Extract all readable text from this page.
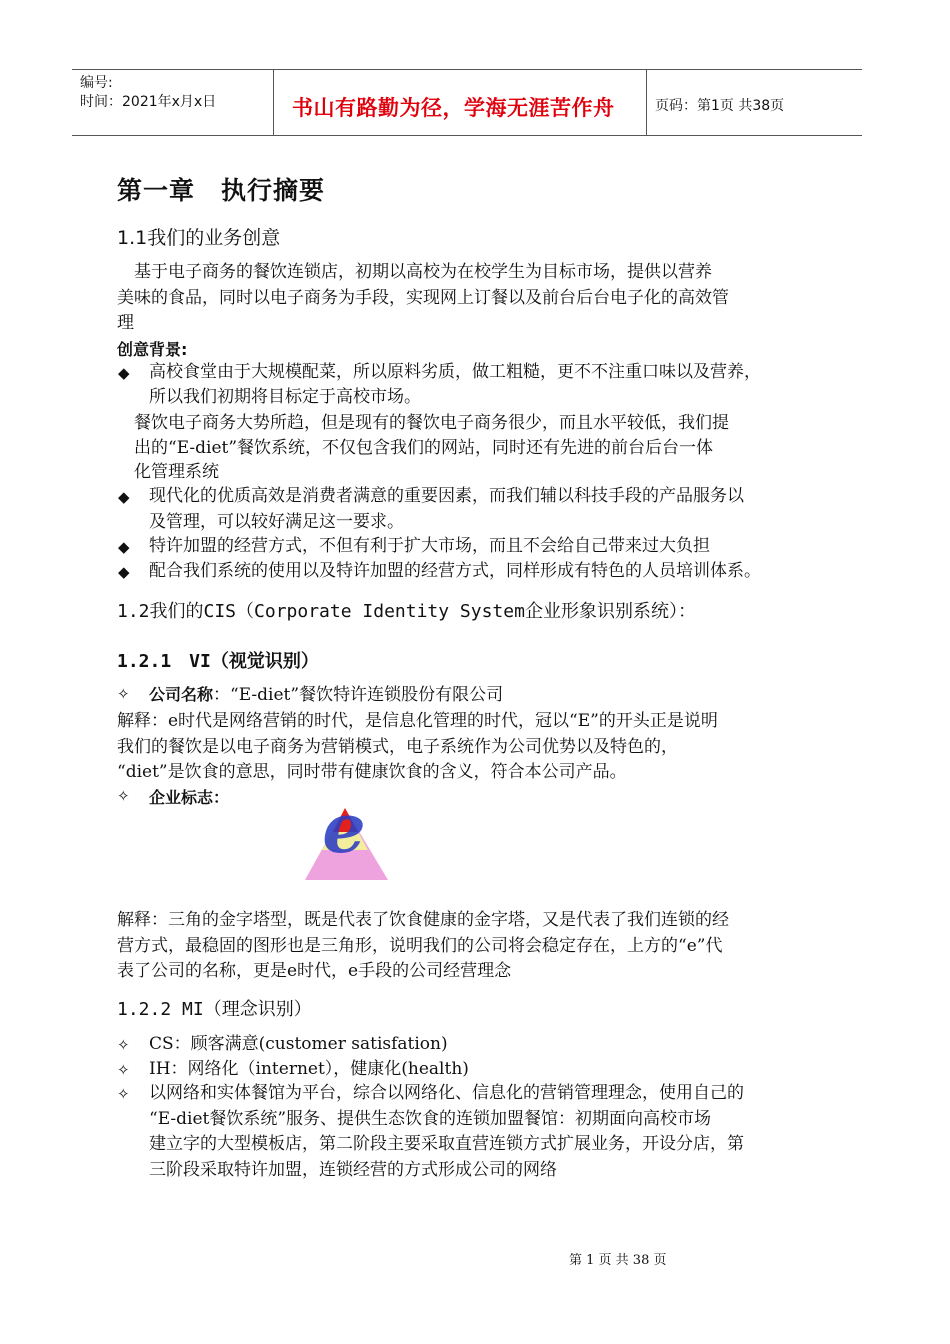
编号:
时间：2021年x月x日	书山有路勤为径，学海无涯苦作舟	页码：第1页 共38页
第一章　执行摘要
1.1我们的业务创意
　基于电子商务的餐饮连锁店，初期以高校为在校学生为目标市场，提供以营养
美味的食品，同时以电子商务为手段，实现网上订餐以及前台后台电子化的高效管
理
创意背景:
◆ 高校食堂由于大规模配菜，所以原料劣质，做工粗糙，更不不注重口味以及营养，
所以我们初期将目标定于高校市场。
餐饮电子商务大势所趋，但是现有的餐饮电子商务很少，而且水平较低，我们提
出的“E-diet”餐饮系统，不仅包含我们的网站，同时还有先进的前台后台一体
化管理系统
◆ 现代化的优质高效是消费者满意的重要因素，而我们辅以科技手段的产品服务以
及管理，可以较好满足这一要求。
◆ 特许加盟的经营方式，不但有利于扩大市场，而且不会给自己带来过大负担
◆ 配合我们系统的使用以及特许加盟的经营方式，同样形成有特色的人员培训体系。
1.2我们的CIS（Corporate Identity System企业形象识别系统）：
1.2.1　VI（视觉识别）
✧ 公司名称：“E-diet”餐饮特许连锁股份有限公司
解释：e时代是网络营销的时代，是信息化管理的时代，冠以“E”的开头正是说明
我们的餐饮是以电子商务为营销模式，电子系统作为公司优势以及特色的，
“diet”是饮食的意思，同时带有健康饮食的含义，符合本公司产品。
✧ 企业标志： e
解释：三角的金字塔型，既是代表了饮食健康的金字塔，又是代表了我们连锁的经
营方式，最稳固的图形也是三角形，说明我们的公司将会稳定存在，上方的“e”代
表了公司的名称，更是e时代，e手段的公司经营理念
1.2.2 MI（理念识别）
✧ CS：顾客满意(customer satisfation)
✧ IH：网络化（internet），健康化(health)
✧ 以网络和实体餐馆为平台，综合以网络化、信息化的营销管理理念，使用自己的
“E-diet餐饮系统”服务、提供生态饮食的连锁加盟餐馆：初期面向高校市场
建立字的大型模板店，第二阶段主要采取直营连锁方式扩展业务，开设分店，第
三阶段采取特许加盟，连锁经营的方式形成公司的网络
第 1 页 共 38 页
